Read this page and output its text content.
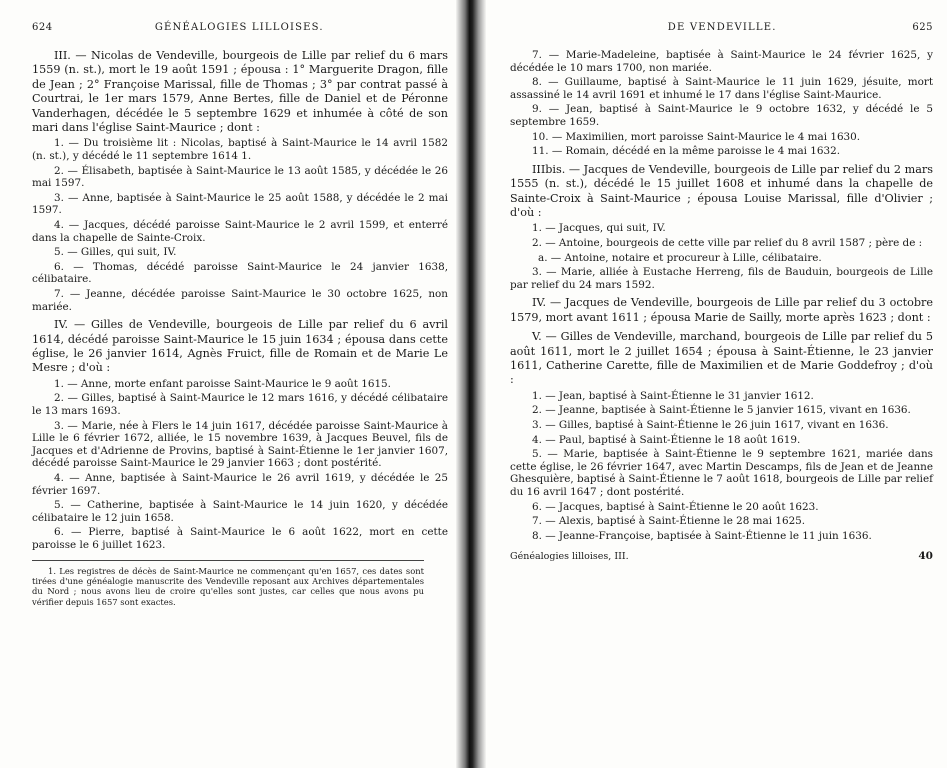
624	GÉNÉALOGIES LILLOISES.

III. — Nicolas de Vendeville, bourgeois de Lille par relief du 6 mars 1559 (n. st.), mort le 19 août 1591 ; épousa : 1° Marguerite Dragon, fille de Jean ; 2° Françoise Marissal, fille de Thomas ; 3° par contrat passé à Courtrai, le 1er mars 1579, Anne Bertes, fille de Daniel et de Péronne Vanderhagen, décédée le 5 septembre 1629 et inhumée à côté de son mari dans l'église Saint-Maurice ; dont :

1. — Du troisième lit : Nicolas, baptisé à Saint-Maurice le 14 avril 1582 (n. st.), y décédé le 11 septembre 1614 1.

2. — Élisabeth, baptisée à Saint-Maurice le 13 août 1585, y décédée le 26 mai 1597.

3. — Anne, baptisée à Saint-Maurice le 25 août 1588, y décédée le 2 mai 1597.

4. — Jacques, décédé paroisse Saint-Maurice le 2 avril 1599, et enterré dans la chapelle de Sainte-Croix.

5. — Gilles, qui suit, IV.

6. — Thomas, décédé paroisse Saint-Maurice le 24 janvier 1638, célibataire.

7. — Jeanne, décédée paroisse Saint-Maurice le 30 octobre 1625, non mariée.

IV. — Gilles de Vendeville, bourgeois de Lille par relief du 6 avril 1614, décédé paroisse Saint-Maurice le 15 juin 1634 ; épousa dans cette église, le 26 janvier 1614, Agnès Fruict, fille de Romain et de Marie Le Mesre ; d'où :

1. — Anne, morte enfant paroisse Saint-Maurice le 9 août 1615.

2. — Gilles, baptisé à Saint-Maurice le 12 mars 1616, y décédé célibataire le 13 mars 1693.

3. — Marie, née à Flers le 14 juin 1617, décédée paroisse Saint-Maurice à Lille le 6 février 1672, alliée, le 15 novembre 1639, à Jacques Beuvel, fils de Jacques et d'Adrienne de Provins, baptisé à Saint-Étienne le 1er janvier 1607, décédé paroisse Saint-Maurice le 29 janvier 1663 ; dont postérité.

4. — Anne, baptisée à Saint-Maurice le 26 avril 1619, y décédée le 25 février 1697.

5. — Catherine, baptisée à Saint-Maurice le 14 juin 1620, y décédée célibataire le 12 juin 1658.

6. — Pierre, baptisé à Saint-Maurice le 6 août 1622, mort en cette paroisse le 6 juillet 1623.

1. Les registres de décès de Saint-Maurice ne commençant qu'en 1657, ces dates sont tirées d'une généalogie manuscrite des Vendeville reposant aux Archives départementales du Nord ; nous avons lieu de croire qu'elles sont justes, car celles que nous avons pu vérifier depuis 1657 sont exactes.
DE VENDEVILLE.	625

7. — Marie-Madeleine, baptisée à Saint-Maurice le 24 février 1625, y décédée le 10 mars 1700, non mariée.

8. — Guillaume, baptisé à Saint-Maurice le 11 juin 1629, jésuite, mort assassiné le 14 avril 1691 et inhumé le 17 dans l'église Saint-Maurice.

9. — Jean, baptisé à Saint-Maurice le 9 octobre 1632, y décédé le 5 septembre 1659.

10. — Maximilien, mort paroisse Saint-Maurice le 4 mai 1630.

11. — Romain, décédé en la même paroisse le 4 mai 1632.

IIIbis. — Jacques de Vendeville, bourgeois de Lille par relief du 2 mars 1555 (n. st.), décédé le 15 juillet 1608 et inhumé dans la chapelle de Sainte-Croix à Saint-Maurice ; épousa Louise Marissal, fille d'Olivier ; d'où :

1. — Jacques, qui suit, IV.

2. — Antoine, bourgeois de cette ville par relief du 8 avril 1587 ; père de :

a. — Antoine, notaire et procureur à Lille, célibataire.

3. — Marie, alliée à Eustache Herreng, fils de Bauduin, bourgeois de Lille par relief du 24 mars 1592.

IV. — Jacques de Vendeville, bourgeois de Lille par relief du 3 octobre 1579, mort avant 1611 ; épousa Marie de Sailly, morte après 1623 ; dont :

V. — Gilles de Vendeville, marchand, bourgeois de Lille par relief du 5 août 1611, mort le 2 juillet 1654 ; épousa à Saint-Étienne, le 23 janvier 1611, Catherine Carette, fille de Maximilien et de Marie Goddefroy ; d'où :

1. — Jean, baptisé à Saint-Étienne le 31 janvier 1612.

2. — Jeanne, baptisée à Saint-Étienne le 5 janvier 1615, vivant en 1636.

3. — Gilles, baptisé à Saint-Étienne le 26 juin 1617, vivant en 1636.

4. — Paul, baptisé à Saint-Étienne le 18 août 1619.

5. — Marie, baptisée à Saint-Étienne le 9 septembre 1621, mariée dans cette église, le 26 février 1647, avec Martin Descamps, fils de Jean et de Jeanne Ghesquière, baptisé à Saint-Étienne le 7 août 1618, bourgeois de Lille par relief du 16 avril 1647 ; dont postérité.

6. — Jacques, baptisé à Saint-Étienne le 20 août 1623.

7. — Alexis, baptisé à Saint-Étienne le 28 mai 1625.

8. — Jeanne-Françoise, baptisée à Saint-Étienne le 11 juin 1636.

Généalogies lilloises, III.	40
